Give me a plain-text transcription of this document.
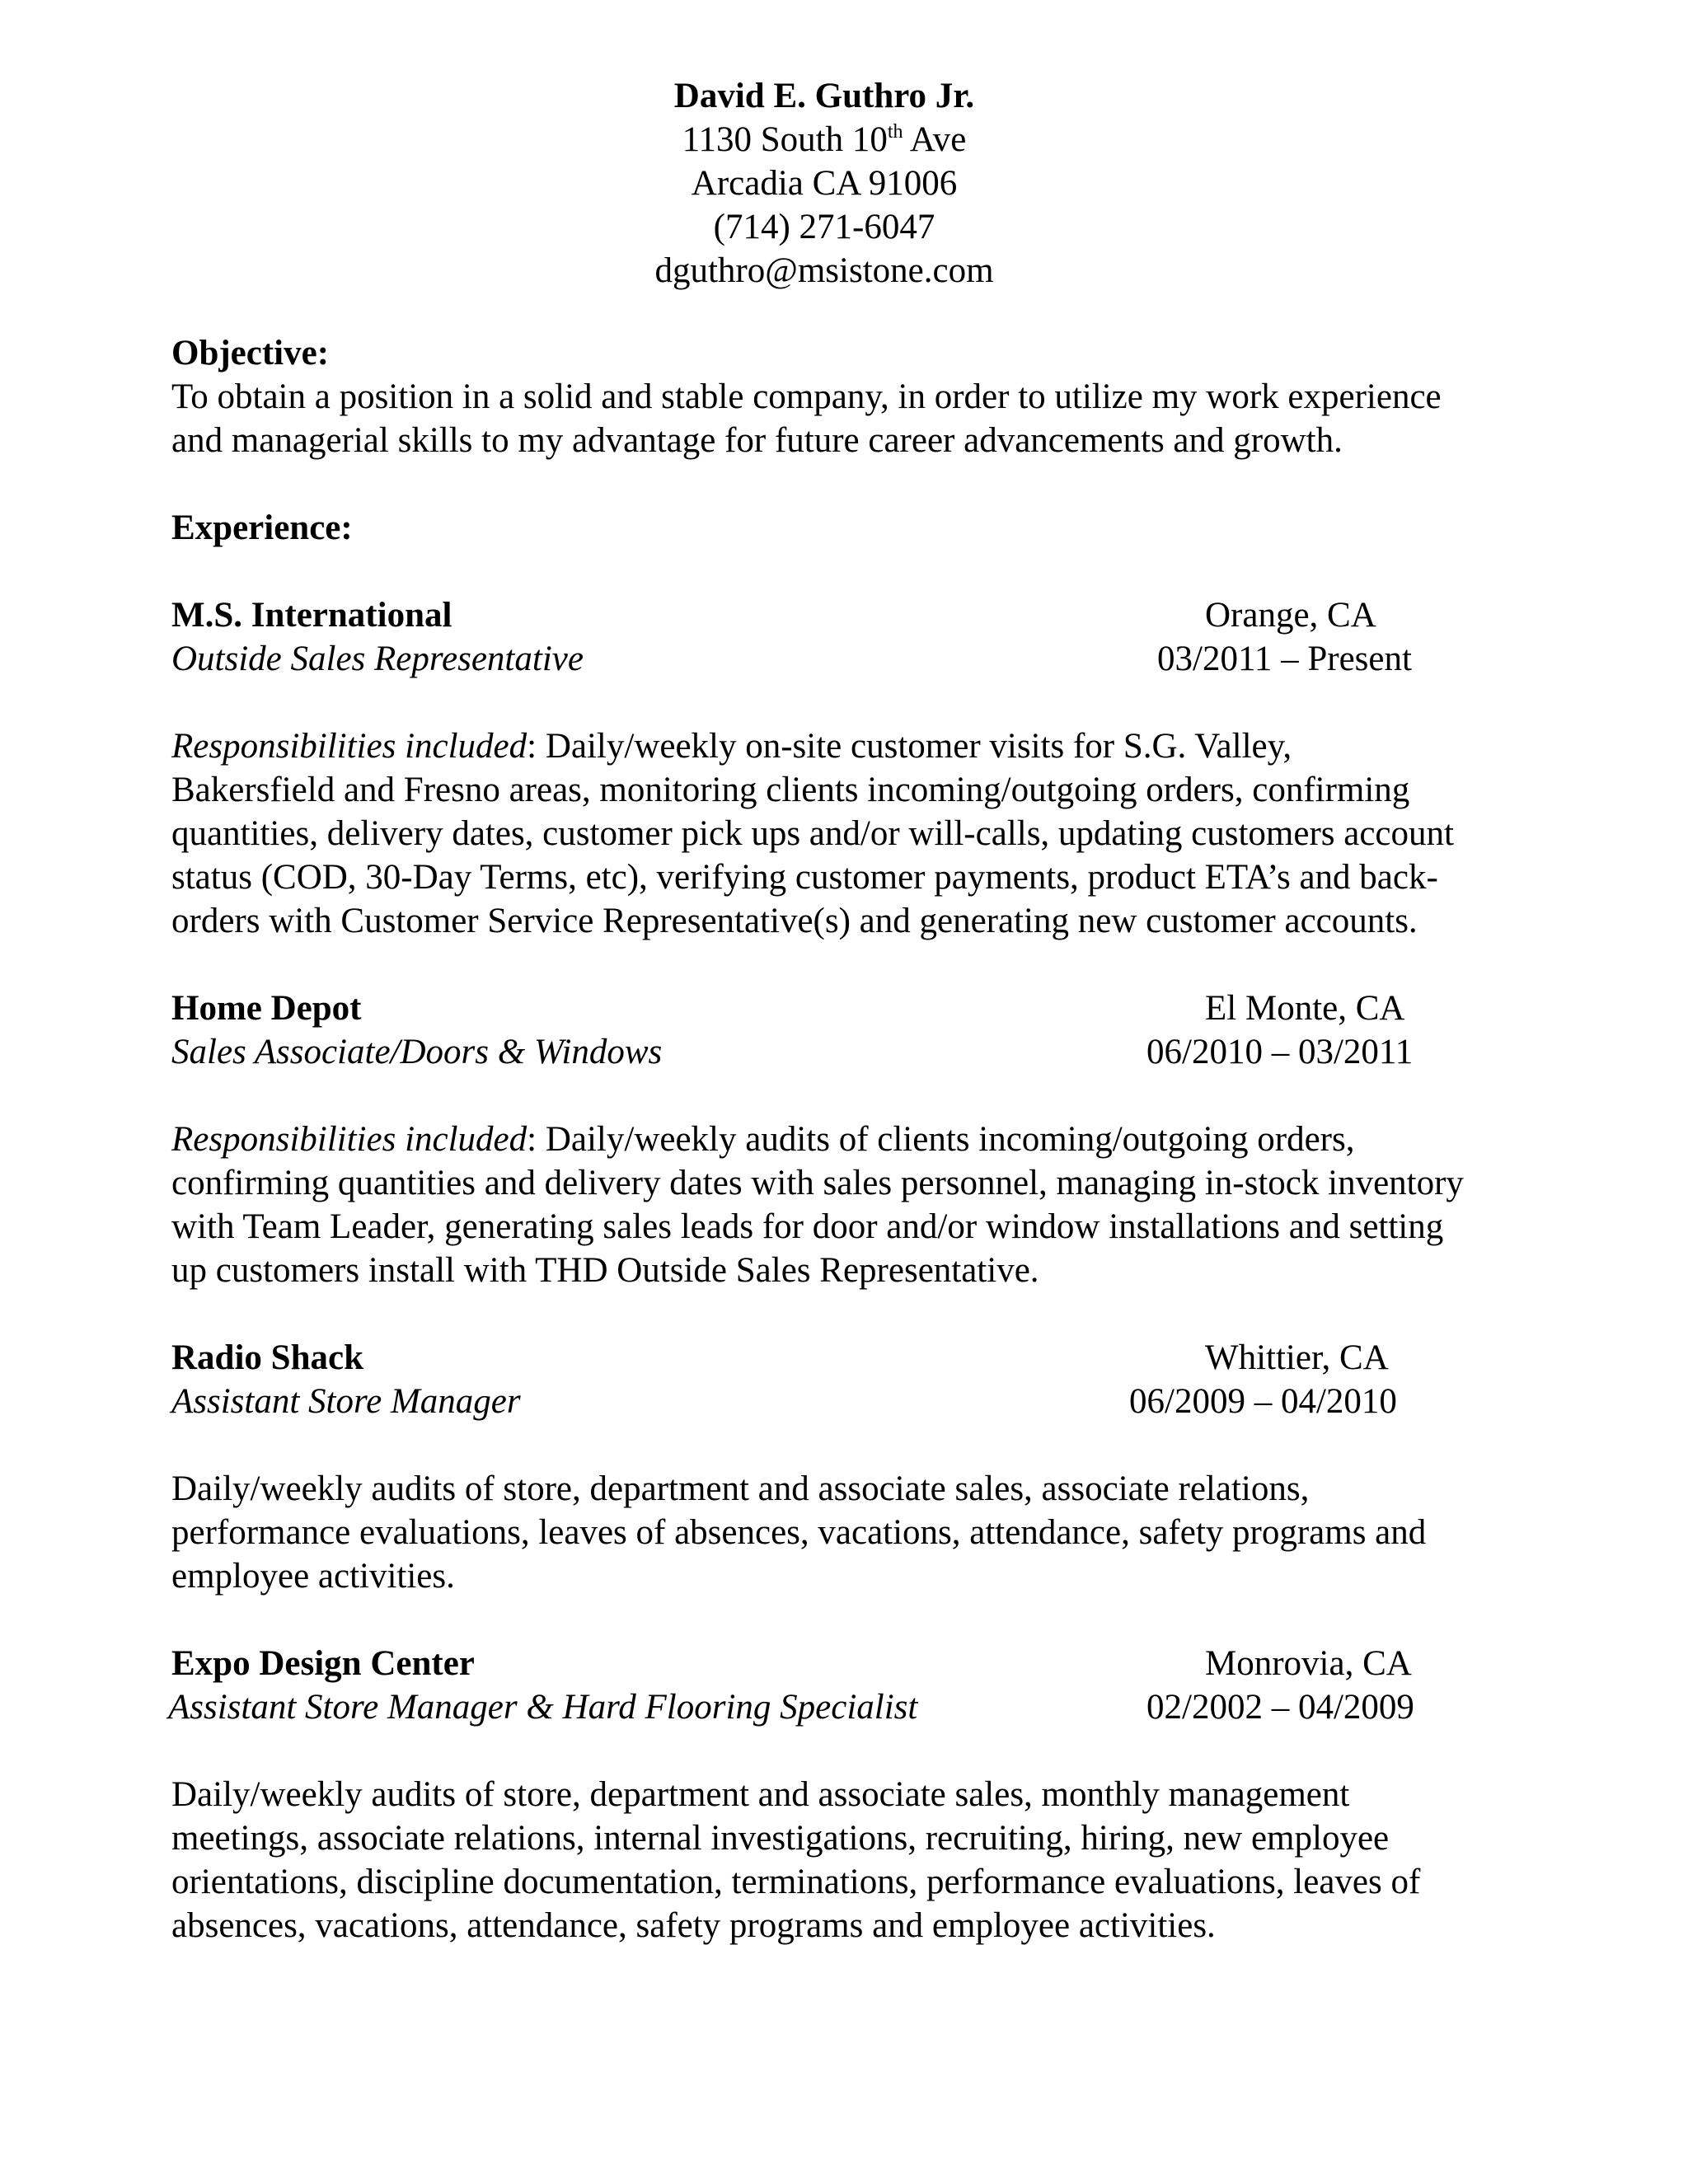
David E. Guthro Jr.
1130 South 10th Ave
Arcadia CA 91006
(714) 271-6047
dguthro@msistone.com
Objective:
To obtain a position in a solid and stable company, in order to utilize my work experience
and managerial skills to my advantage for future career advancements and growth.
Experience:
M.S. International	Orange, CA
Outside Sales Representative	03/2011 – Present
Responsibilities included: Daily/weekly on-site customer visits for S.G. Valley,
Bakersfield and Fresno areas, monitoring clients incoming/outgoing orders, confirming
quantities, delivery dates, customer pick ups and/or will-calls, updating customers account
status (COD, 30-Day Terms, etc), verifying customer payments, product ETA’s and back-
orders with Customer Service Representative(s) and generating new customer accounts.
Home Depot	El Monte, CA
Sales Associate/Doors & Windows	06/2010 – 03/2011
Responsibilities included: Daily/weekly audits of clients incoming/outgoing orders,
confirming quantities and delivery dates with sales personnel, managing in-stock inventory
with Team Leader, generating sales leads for door and/or window installations and setting
up customers install with THD Outside Sales Representative.
Radio Shack	Whittier, CA
Assistant Store Manager	06/2009 – 04/2010
Daily/weekly audits of store, department and associate sales, associate relations,
performance evaluations, leaves of absences, vacations, attendance, safety programs and
employee activities.
Expo Design Center	Monrovia, CA
Assistant Store Manager & Hard Flooring Specialist	02/2002 – 04/2009
Daily/weekly audits of store, department and associate sales, monthly management
meetings, associate relations, internal investigations, recruiting, hiring, new employee
orientations, discipline documentation, terminations, performance evaluations, leaves of
absences, vacations, attendance, safety programs and employee activities.
